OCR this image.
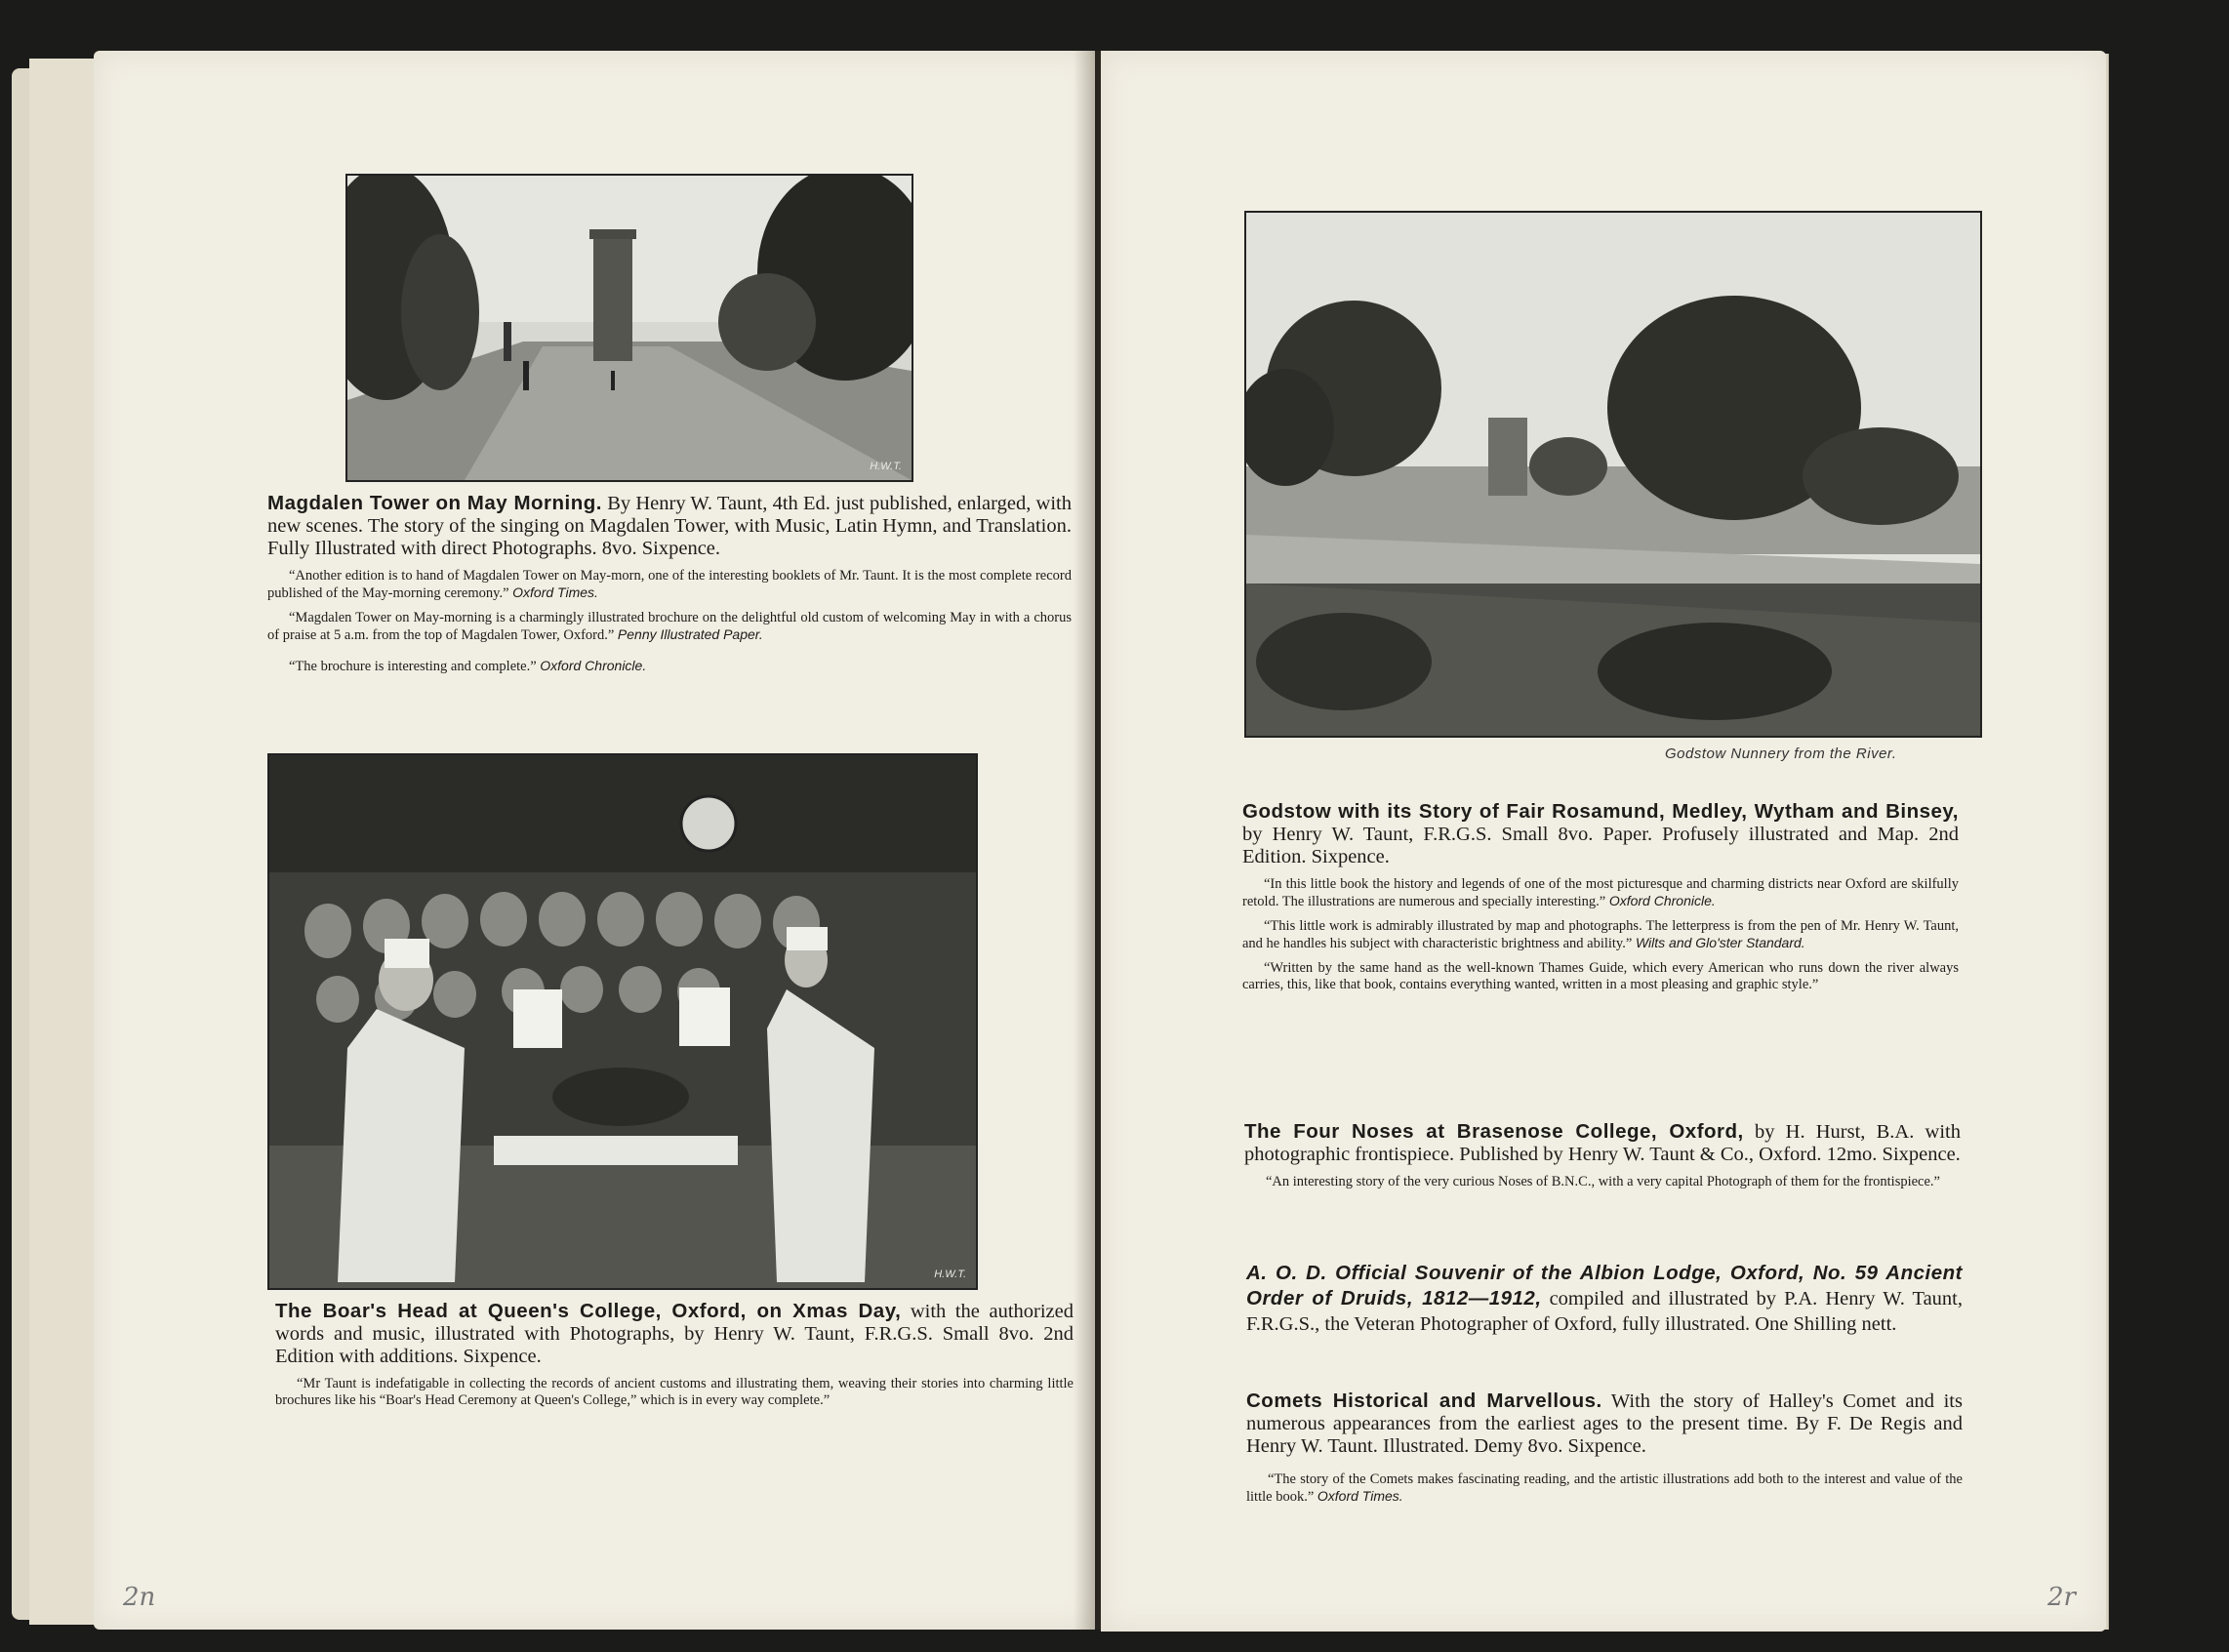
H.W.T.
Magdalen Tower on May Morning. By Henry W. Taunt, 4th Ed. just published, enlarged, with new scenes. The story of the singing on Magdalen Tower, with Music, Latin Hymn, and Translation. Fully Illustrated with direct Photographs. 8vo. Sixpence.
“Another edition is to hand of Magdalen Tower on May-morn, one of the interesting booklets of Mr. Taunt. It is the most complete record published of the May-morning ceremony.” Oxford Times.
“Magdalen Tower on May-morning is a charmingly illustrated brochure on the delightful old custom of welcoming May in with a chorus of praise at 5 a.m. from the top of Magdalen Tower, Oxford.” Penny Illustrated Paper.
“The brochure is interesting and complete.” Oxford Chronicle.
H.W.T.
The Boar's Head at Queen's College, Oxford, on Xmas Day, with the authorized words and music, illustrated with Photographs, by Henry W. Taunt, F.R.G.S. Small 8vo. 2nd Edition with additions. Sixpence.
“Mr Taunt is indefatigable in collecting the records of ancient customs and illustrating them, weaving their stories into charming little brochures like his “Boar's Head Ceremony at Queen's College,” which is in every way complete.”
2n
Godstow Nunnery from the River.
Godstow with its Story of Fair Rosamund, Medley, Wytham and Binsey, by Henry W. Taunt, F.R.G.S. Small 8vo. Paper. Profusely illustrated and Map. 2nd Edition. Sixpence.
“In this little book the history and legends of one of the most picturesque and charming districts near Oxford are skilfully retold. The illustrations are numerous and specially interesting.” Oxford Chronicle.
“This little work is admirably illustrated by map and photographs. The letterpress is from the pen of Mr. Henry W. Taunt, and he handles his subject with characteristic brightness and ability.” Wilts and Glo'ster Standard.
“Written by the same hand as the well-known Thames Guide, which every American who runs down the river always carries, this, like that book, contains everything wanted, written in a most pleasing and graphic style.”
The Four Noses at Brasenose College, Oxford, by H. Hurst, B.A. with photographic frontispiece. Published by Henry W. Taunt & Co., Oxford. 12mo. Sixpence.
“An interesting story of the very curious Noses of B.N.C., with a very capital Photograph of them for the frontispiece.”
A. O. D. Official Souvenir of the Albion Lodge, Oxford, No. 59 Ancient Order of Druids, 1812—1912, compiled and illustrated by P.A. Henry W. Taunt, F.R.G.S., the Veteran Photographer of Oxford, fully illustrated. One Shilling nett.
Comets Historical and Marvellous. With the story of Halley's Comet and its numerous appearances from the earliest ages to the present time. By F. De Regis and Henry W. Taunt. Illustrated. Demy 8vo. Sixpence.
“The story of the Comets makes fascinating reading, and the artistic illustrations add both to the interest and value of the little book.” Oxford Times.
2r
